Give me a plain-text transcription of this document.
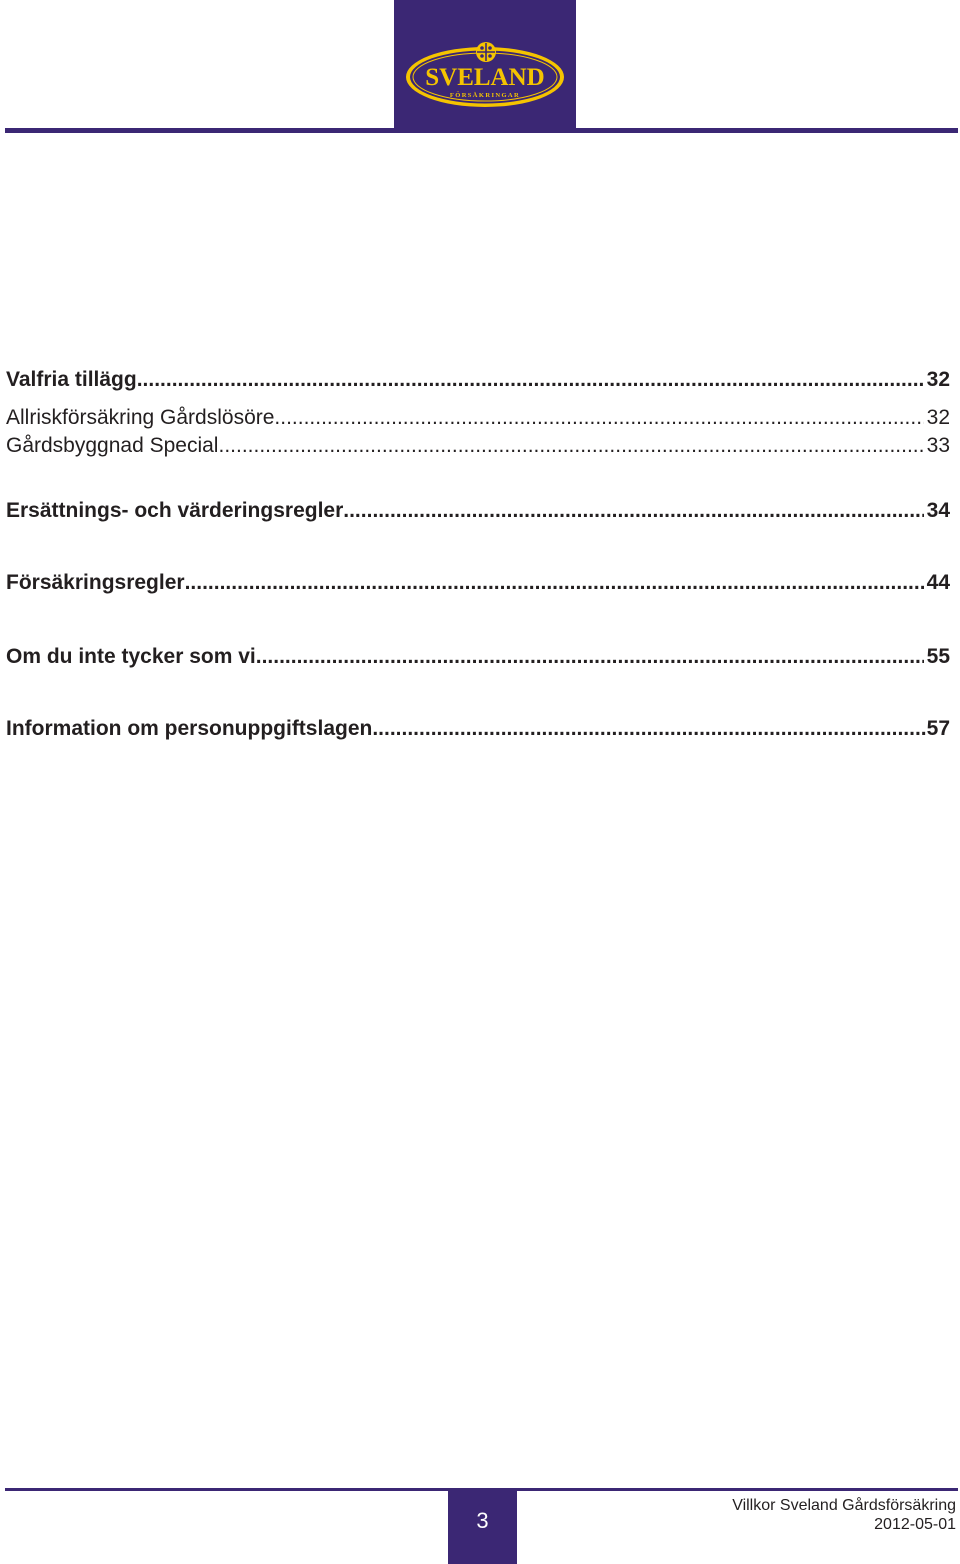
SVELAND
FÖRSÄKRINGAR
Valfria tillägg .....	32
Allriskförsäkring Gårdslösöre .....	32
Gårdsbyggnad Special .....	33
Ersättnings- och värderingsregler .....	34
Försäkringsregler .....	44
Om du inte tycker som vi .....	55
Information om personuppgiftslagen .....	57
3
Villkor Sveland Gårdsförsäkring
2012-05-01
